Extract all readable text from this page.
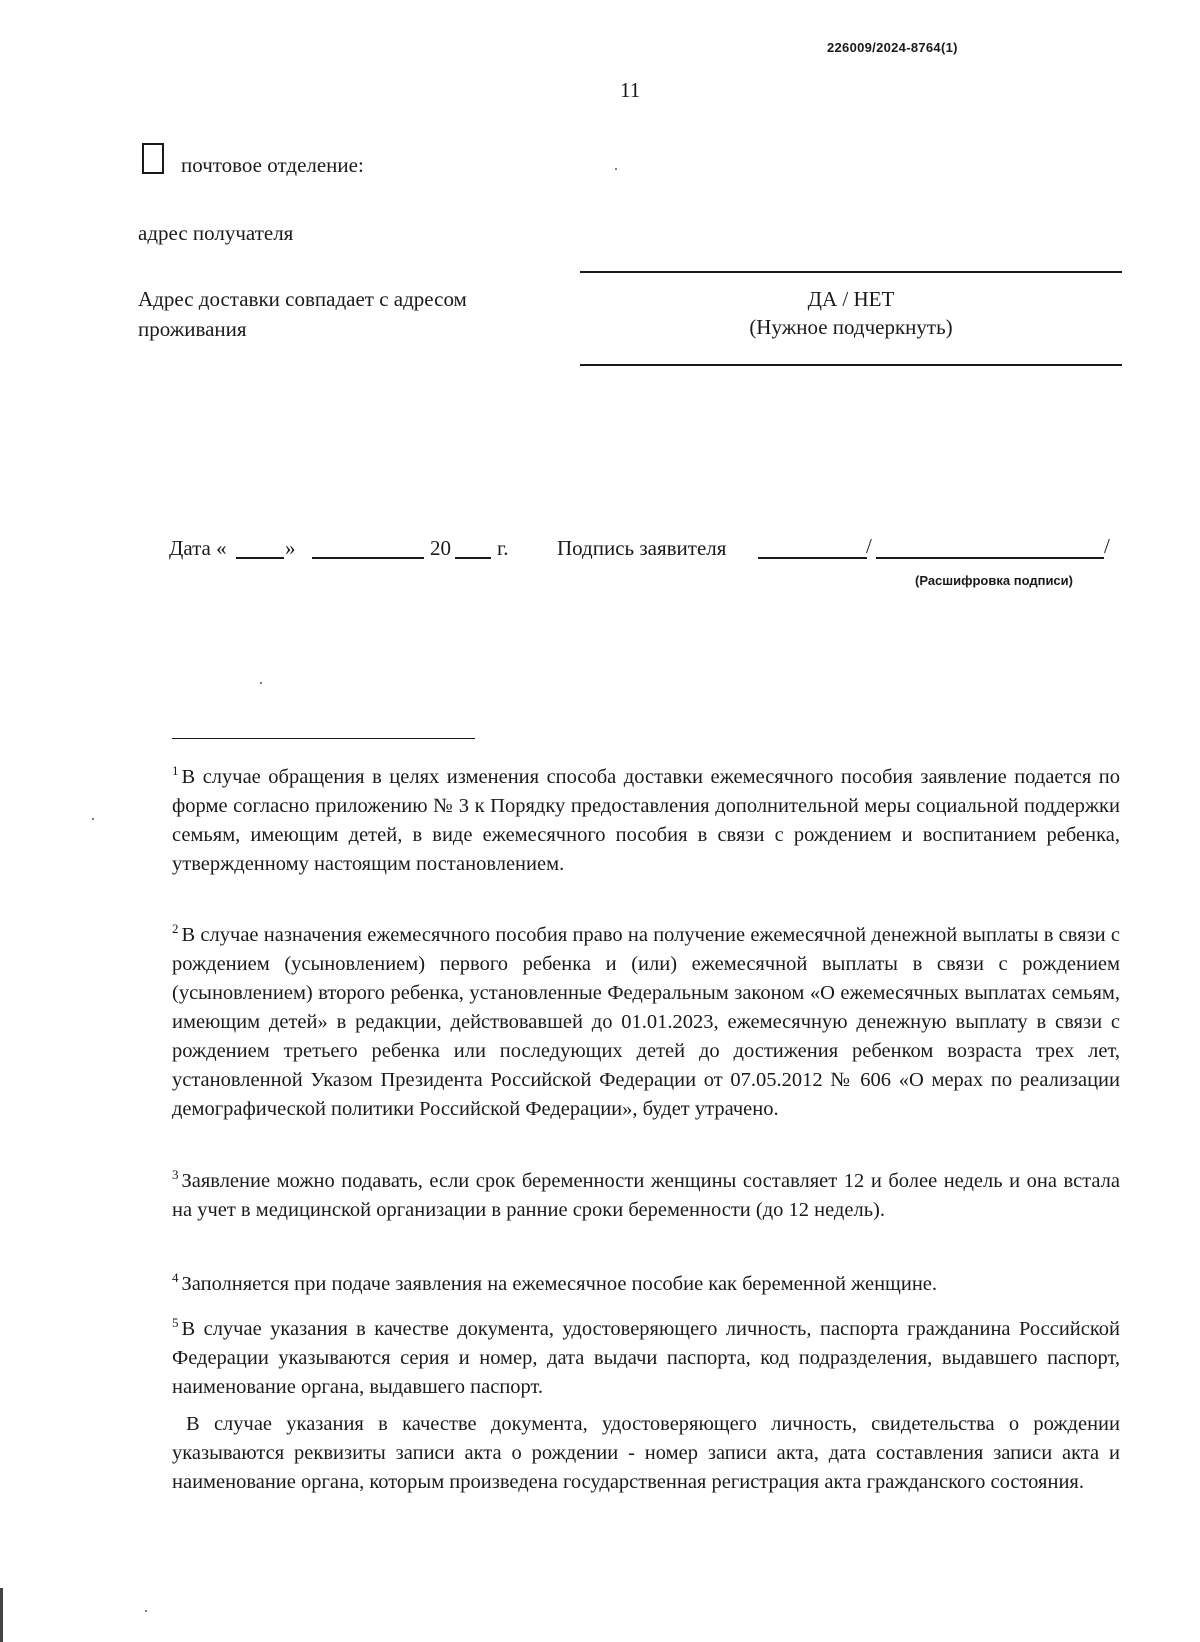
226009/2024-8764(1)
11
почтовое отделение:
адрес получателя
Адрес доставки совпадает с адресом
проживания
ДА / НЕТ
(Нужное подчеркнуть)
Дата «	»	20 г. Подпись заявителя	/	/
(Расшифровка подписи)
$^1$ В случае обращения в целях изменения способа доставки ежемесячного пособия заявление подается по форме согласно приложению № 3 к Порядку предоставления дополнительной меры социальной поддержки семьям, имеющим детей, в виде ежемесячного пособия в связи с рождением и воспитанием ребенка, утвержденному настоящим постановлением.
$^2$ В случае назначения ежемесячного пособия право на получение ежемесячной денежной выплаты в связи с рождением (усыновлением) первого ребенка и (или) ежемесячной выплаты в связи с рождением (усыновлением) второго ребенка, установленные Федеральным законом «О ежемесячных выплатах семьям, имеющим детей» в редакции, действовавшей до 01.01.2023, ежемесячную денежную выплату в связи с рождением третьего ребенка или последующих детей до достижения ребенком возраста трех лет, установленной Указом Президента Российской Федерации от 07.05.2012 № 606 «О мерах по реализации демографической политики Российской Федерации», будет утрачено.
$^3$ Заявление можно подавать, если срок беременности женщины составляет 12 и более недель и она встала на учет в медицинской организации в ранние сроки беременности (до 12 недель).
$^4$ Заполняется при подаче заявления на ежемесячное пособие как беременной женщине.
$^5$ В случае указания в качестве документа, удостоверяющего личность, паспорта гражданина Российской Федерации указываются серия и номер, дата выдачи паспорта, код подразделения, выдавшего паспорт, наименование органа, выдавшего паспорт.
В случае указания в качестве документа, удостоверяющего личность, свидетельства о рождении указываются реквизиты записи акта о рождении - номер записи акта, дата составления записи акта и наименование органа, которым произведена государственная регистрация акта гражданского состояния.
